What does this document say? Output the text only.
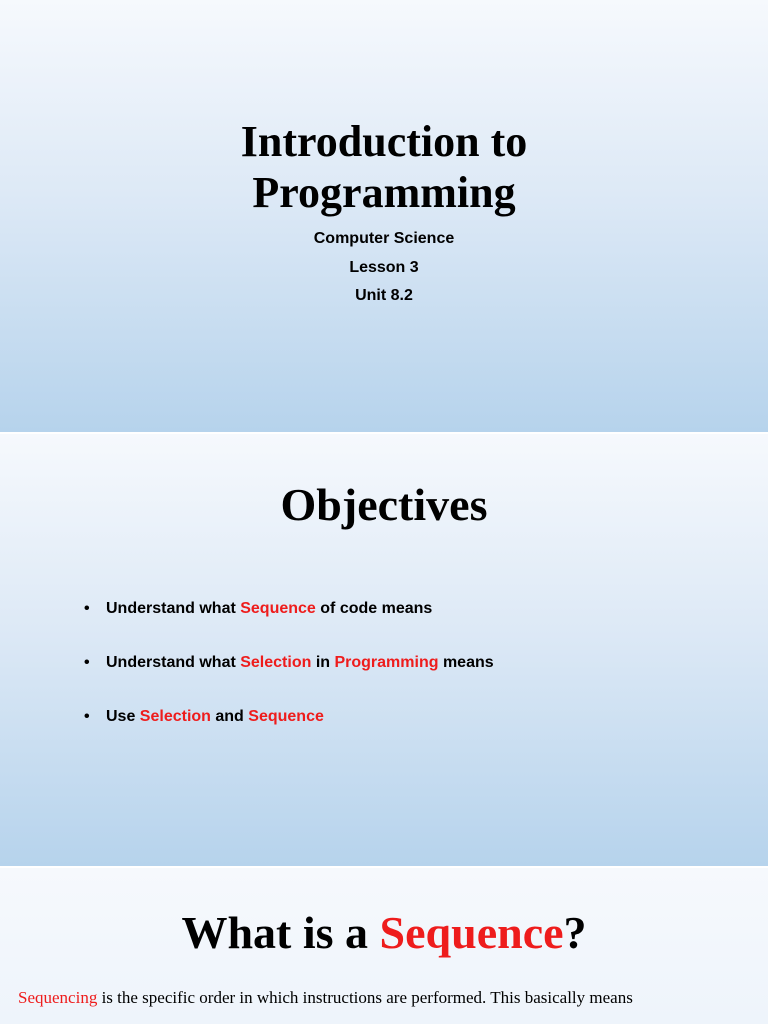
Introduction to
Programming
Computer Science
Lesson 3
Unit 8.2
Objectives
• Understand what Sequence of code means
• Understand what Selection in Programming means
• Use Selection and Sequence
What is a Sequence?
Sequencing is the specific order in which instructions are performed. This basically means
